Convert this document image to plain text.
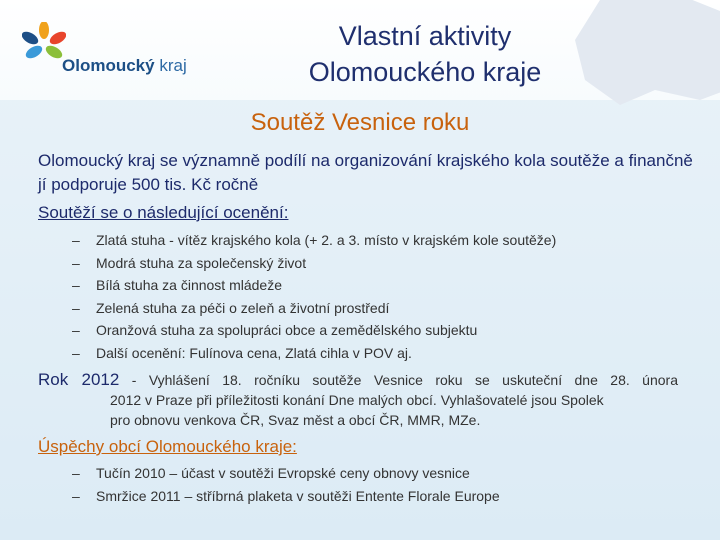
Olomoucký kraj
Vlastní aktivity
Olomouckého kraje
Soutěž Vesnice roku
Olomoucký kraj se významně podílí na organizování krajského kola soutěže a finančně jí podporuje 500 tis. Kč ročně
Soutěží se o následující ocenění:
– Zlatá stuha - vítěz krajského kola (+ 2. a 3. místo v krajském kole soutěže)
– Modrá stuha za společenský život
– Bílá stuha za činnost mládeže
– Zelená stuha za péči o zeleň a životní prostředí
– Oranžová stuha za spolupráci obce a zemědělského subjektu
– Další ocenění: Fulínova cena, Zlatá cihla v POV aj.
Rok 2012 - Vyhlášení 18. ročníku soutěže Vesnice roku se uskuteční dne 28. února
2012 v Praze při příležitosti konání Dne malých obcí. Vyhlašovatelé jsou Spolek
pro obnovu venkova ČR, Svaz měst a obcí ČR, MMR, MZe.
Úspěchy obcí Olomouckého kraje:
– Tučín 2010 – účast v soutěži Evropské ceny obnovy vesnice
– Smržice 2011 – stříbrná plaketa v soutěži Entente Florale Europe
